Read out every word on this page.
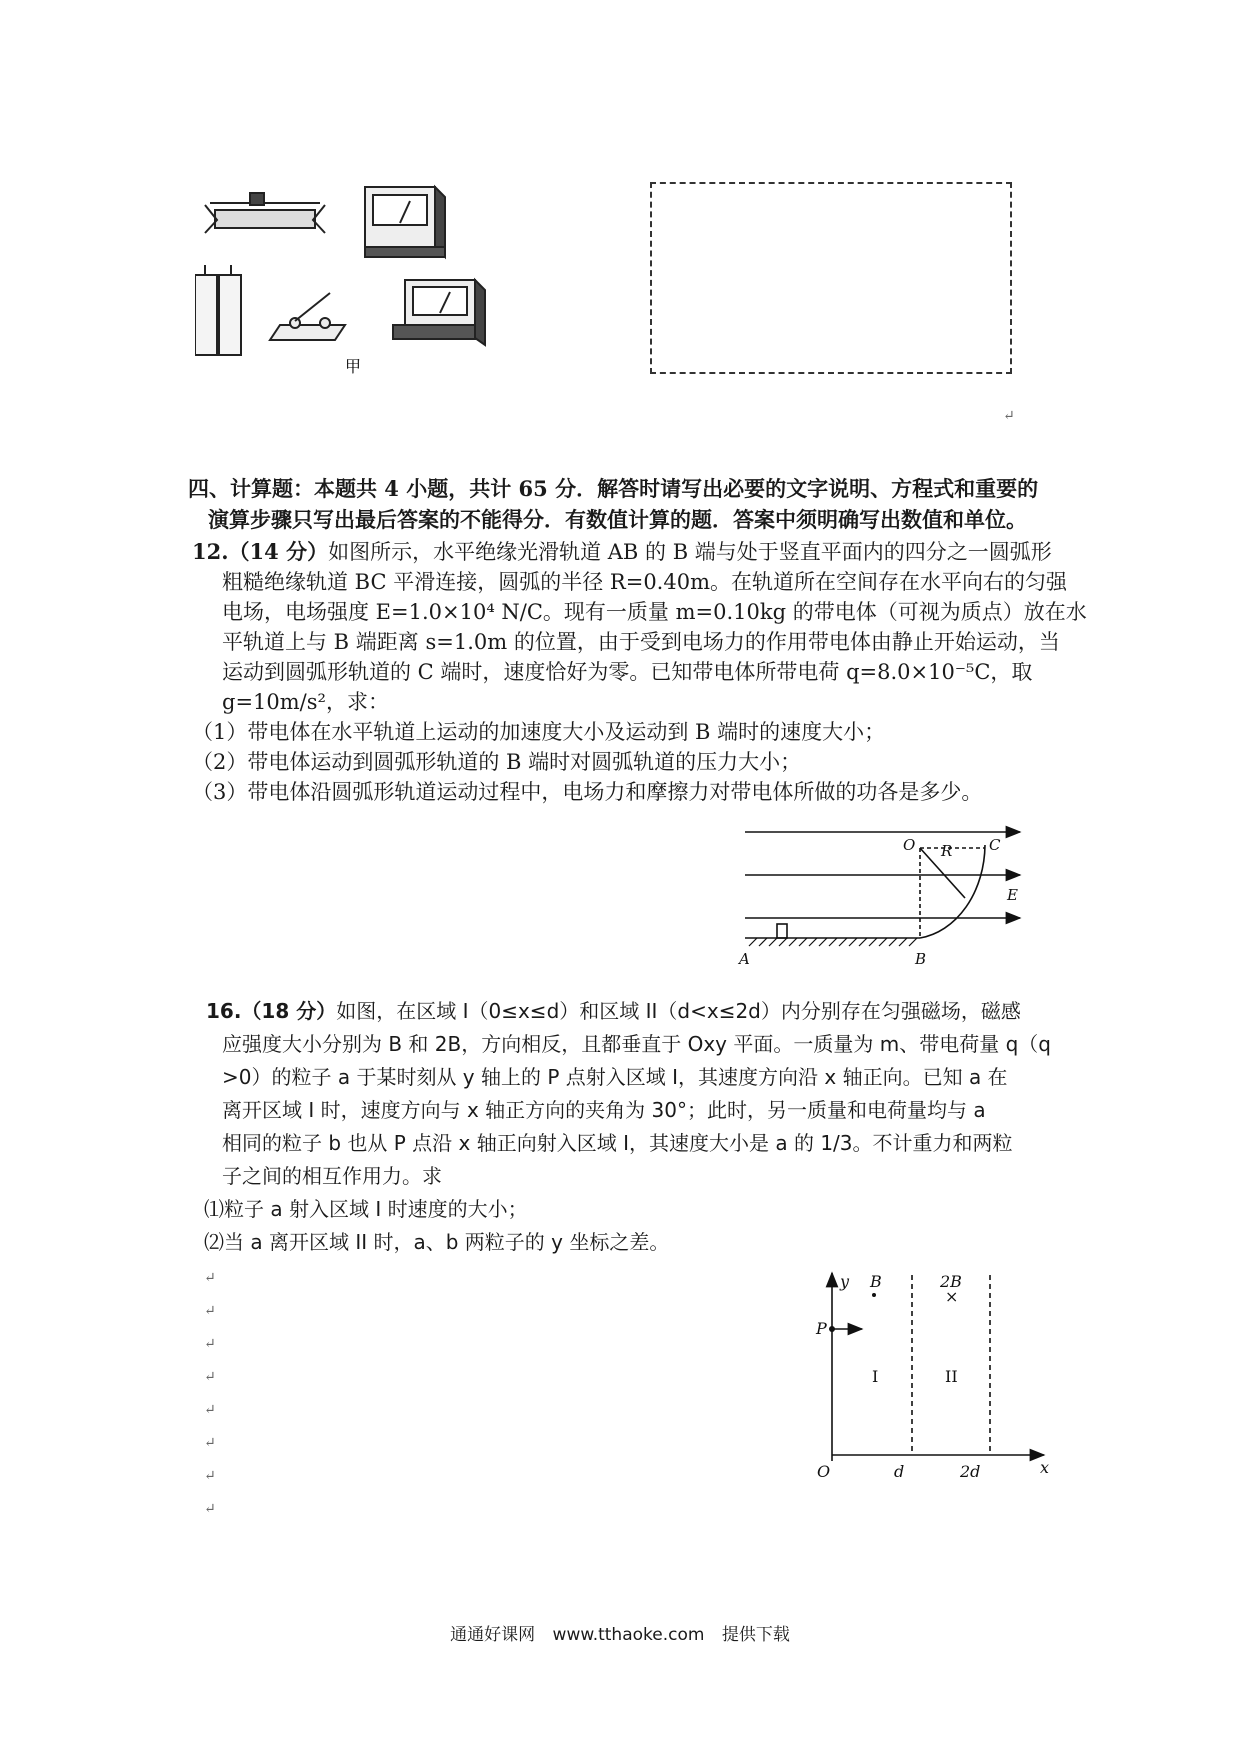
甲
↵
四、计算题：本题共 4 小题，共计 65 分．解答时请写出必要的文字说明、方程式和重要的
演算步骤只写出最后答案的不能得分．有数值计算的题．答案中须明确写出数值和单位。
12.（14 分）如图所示，水平绝缘光滑轨道 AB 的 B 端与处于竖直平面内的四分之一圆弧形
粗糙绝缘轨道 BC 平滑连接，圆弧的半径 R=0.40m。在轨道所在空间存在水平向右的匀强
电场，电场强度 E=1.0×10⁴ N/C。现有一质量 m=0.10kg 的带电体（可视为质点）放在水
平轨道上与 B 端距离 s=1.0m 的位置，由于受到电场力的作用带电体由静止开始运动，当
运动到圆弧形轨道的 C 端时，速度恰好为零。已知带电体所带电荷 q=8.0×10⁻⁵C，取
g=10m/s²，求：
（1）带电体在水平轨道上运动的加速度大小及运动到 B 端时的速度大小；
（2）带电体运动到圆弧形轨道的 B 端时对圆弧轨道的压力大小；
（3）带电体沿圆弧形轨道运动过程中，电场力和摩擦力对带电体所做的功各是多少。
O R C
E
A	B
16.（18 分）如图，在区域 I（0≤x≤d）和区域 II（d<x≤2d）内分别存在匀强磁场，磁感
应强度大小分别为 B 和 2B，方向相反，且都垂直于 Oxy 平面。一质量为 m、带电荷量 q（q
>0）的粒子 a 于某时刻从 y 轴上的 P 点射入区域 I，其速度方向沿 x 轴正向。已知 a 在
离开区域 I 时，速度方向与 x 轴正方向的夹角为 30°；此时，另一质量和电荷量均与 a
相同的粒子 b 也从 P 点沿 x 轴正向射入区域 I，其速度大小是 a 的 1/3。不计重力和两粒
子之间的相互作用力。求
⑴粒子 a 射入区域 I 时速度的大小；
⑵当 a 离开区域 II 时，a、b 两粒子的 y 坐标之差。
↵
↵
↵
↵
↵
↵
↵
↵
y B	2B
×
P
I	II
O	d	2d	x
通通好课网 www.tthaoke.com 提供下载
